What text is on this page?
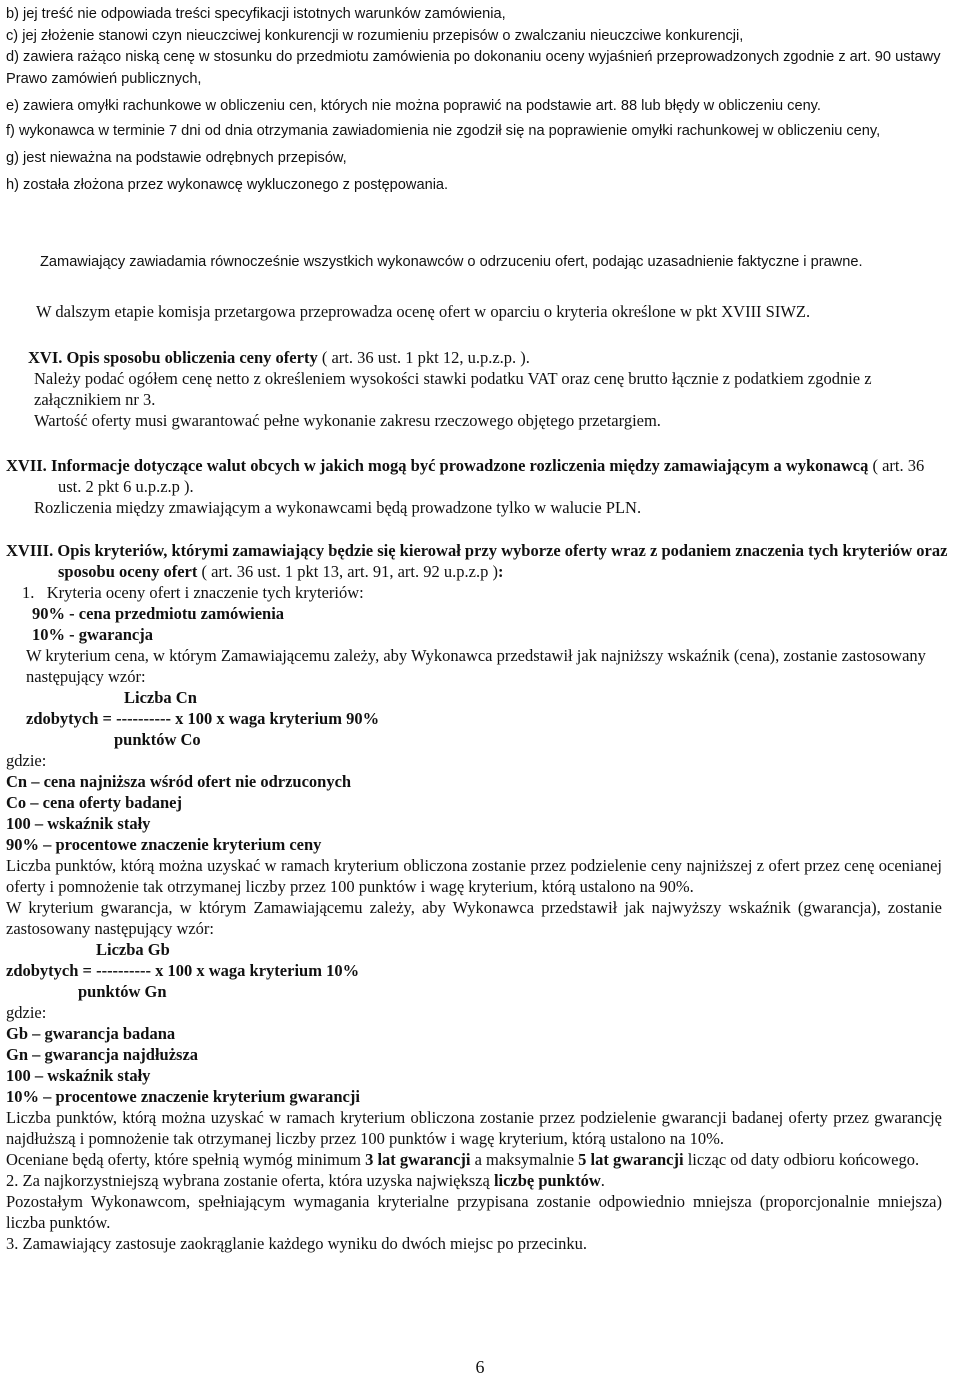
b) jej treść nie odpowiada treści specyfikacji istotnych warunków zamówienia,

c) jej złożenie stanowi czyn nieuczciwej konkurencji w rozumieniu przepisów o zwalczaniu nieuczciwe konkurencji,

d) zawiera rażąco niską cenę w stosunku do przedmiotu zamówienia po dokonaniu oceny wyjaśnień przeprowadzonych zgodnie z art. 90 ustawy Prawo zamówień publicznych,

e) zawiera omyłki rachunkowe w obliczeniu cen, których nie można poprawić na podstawie art. 88 lub błędy w obliczeniu ceny.

f) wykonawca w terminie 7 dni od dnia otrzymania zawiadomienia nie zgodził się na poprawienie omyłki rachunkowej w obliczeniu ceny,

g) jest nieważna na podstawie odrębnych przepisów,

h) została złożona przez wykonawcę wykluczonego z postępowania.

Zamawiający zawiadamia równocześnie wszystkich wykonawców o odrzuceniu ofert, podając uzasadnienie faktyczne i prawne.
W dalszym etapie komisja przetargowa przeprowadza ocenę ofert w oparciu o kryteria określone w pkt XVIII SIWZ.

XVI. Opis sposobu obliczenia ceny oferty ( art. 36 ust. 1 pkt 12, u.p.z.p. ).

Należy podać ogółem cenę netto z określeniem wysokości stawki podatku VAT oraz cenę brutto łącznie z podatkiem zgodnie z załącznikiem nr 3.

Wartość oferty musi gwarantować pełne wykonanie zakresu rzeczowego objętego przetargiem.

XVII. Informacje dotyczące walut obcych w jakich mogą być prowadzone rozliczenia między zamawiającym a wykonawcą ( art. 36 ust. 2 pkt 6 u.p.z.p ).

Rozliczenia między zmawiającym a wykonawcami będą prowadzone tylko w walucie PLN.

XVIII. Opis kryteriów, którymi zamawiający będzie się kierował przy wyborze oferty wraz z podaniem znaczenia tych kryteriów oraz sposobu oceny ofert ( art. 36 ust. 1 pkt 13, art. 91, art. 92 u.p.z.p ):

1. Kryteria oceny ofert i znaczenie tych kryteriów:

90% - cena przedmiotu zamówienia

10% - gwarancja

W kryterium cena, w którym Zamawiającemu zależy, aby Wykonawca przedstawił jak najniższy wskaźnik (cena), zostanie zastosowany następujący wzór:

Liczba Cn

zdobytych = ---------- x 100 x waga kryterium 90%

punktów Co

gdzie:

Cn – cena najniższa wśród ofert nie odrzuconych

Co – cena oferty badanej

100 – wskaźnik stały

90% – procentowe znaczenie kryterium ceny

Liczba punktów, którą można uzyskać w ramach kryterium obliczona zostanie przez podzielenie ceny najniższej z ofert przez cenę ocenianej oferty i pomnożenie tak otrzymanej liczby przez 100 punktów i wagę kryterium, którą ustalono na 90%.

W kryterium gwarancja, w którym Zamawiającemu zależy, aby Wykonawca przedstawił jak najwyższy wskaźnik (gwarancja), zostanie zastosowany następujący wzór:

Liczba Gb

zdobytych = ---------- x 100 x waga kryterium 10%

punktów Gn

gdzie:

Gb – gwarancja badana

Gn – gwarancja najdłuższa

100 – wskaźnik stały

10% – procentowe znaczenie kryterium gwarancji

Liczba punktów, którą można uzyskać w ramach kryterium obliczona zostanie przez podzielenie gwarancji badanej oferty przez gwarancję najdłuższą i pomnożenie tak otrzymanej liczby przez 100 punktów i wagę kryterium, którą ustalono na 10%.

Oceniane będą oferty, które spełnią wymóg minimum 3 lat gwarancji a maksymalnie 5 lat gwarancji licząc od daty odbioru końcowego.

2. Za najkorzystniejszą wybrana zostanie oferta, która uzyska największą liczbę punktów.

Pozostałym Wykonawcom, spełniającym wymagania kryterialne przypisana zostanie odpowiednio mniejsza (proporcjonalnie mniejsza) liczba punktów.

3. Zamawiający zastosuje zaokrąglanie każdego wyniku do dwóch miejsc po przecinku.

6
